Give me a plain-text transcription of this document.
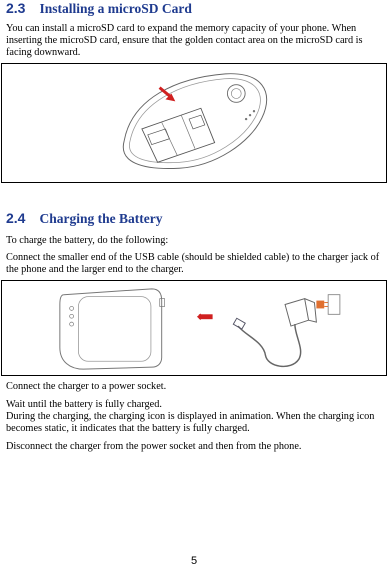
2.3 Installing a microSD Card
You can install a microSD card to expand the memory capacity of your phone. When inserting the microSD card, ensure that the golden contact area on the microSD card is facing downward.
2.4 Charging the Battery
To charge the battery, do the following:
Connect the smaller end of the USB cable (should be shielded cable) to the charger jack of the phone and the larger end to the charger.
Connect the charger to a power socket.
Wait until the battery is fully charged.
During the charging, the charging icon is displayed in animation. When the charging icon becomes static, it indicates that the battery is fully charged.
Disconnect the charger from the power socket and then from the phone.
5
